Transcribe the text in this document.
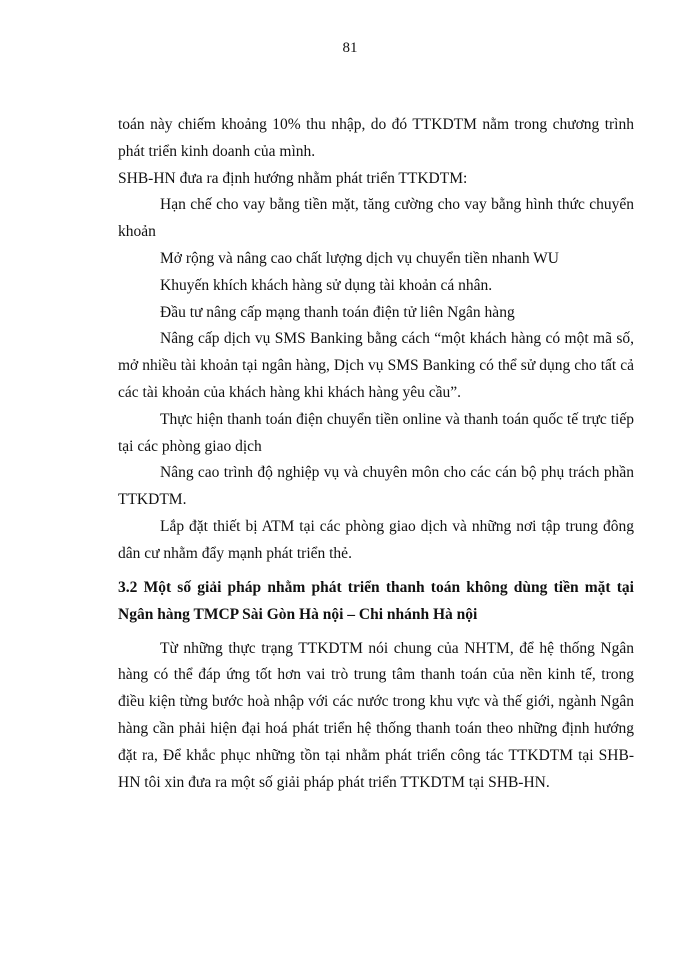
81

toán này chiếm khoảng 10% thu nhập, do đó TTKDTM nằm trong chương trình phát triển kinh doanh của mình.

SHB-HN đưa ra định hướng nhằm phát triển TTKDTM:

Hạn chế cho vay bằng tiền mặt, tăng cường cho vay bằng hình thức chuyển khoản

Mở rộng và nâng cao chất lượng dịch vụ chuyển tiền nhanh WU

Khuyến khích khách hàng sử dụng tài khoản cá nhân.

Đầu tư nâng cấp mạng thanh toán điện tử liên Ngân hàng

Nâng cấp dịch vụ SMS Banking bằng cách “một khách hàng có một mã số, mở nhiều tài khoản tại ngân hàng, Dịch vụ SMS Banking có thể sử dụng cho tất cả các tài khoản của khách hàng khi khách hàng yêu cầu”.

Thực hiện thanh toán điện chuyển tiền online và thanh toán quốc tế trực tiếp tại các phòng giao dịch

Nâng cao trình độ nghiệp vụ và chuyên môn cho các cán bộ phụ trách phần TTKDTM.

Lắp đặt thiết bị ATM tại các phòng giao dịch và những nơi tập trung đông dân cư nhằm đẩy mạnh phát triển thẻ.

3.2 Một số giải pháp nhằm phát triển thanh toán không dùng tiền mặt tại Ngân hàng TMCP Sài Gòn Hà nội – Chi nhánh Hà nội

Từ những thực trạng TTKDTM nói chung của NHTM, để hệ thống Ngân hàng có thể đáp ứng tốt hơn vai trò trung tâm thanh toán của nền kinh tế, trong điều kiện từng bước hoà nhập với các nước trong khu vực và thế giới, ngành Ngân hàng cần phải hiện đại hoá phát triển hệ thống thanh toán theo những định hướng đặt ra, Để khắc phục những tồn tại nhằm phát triển công tác TTKDTM tại SHB-HN tôi xin đưa ra một số giải pháp phát triển TTKDTM tại SHB-HN.
